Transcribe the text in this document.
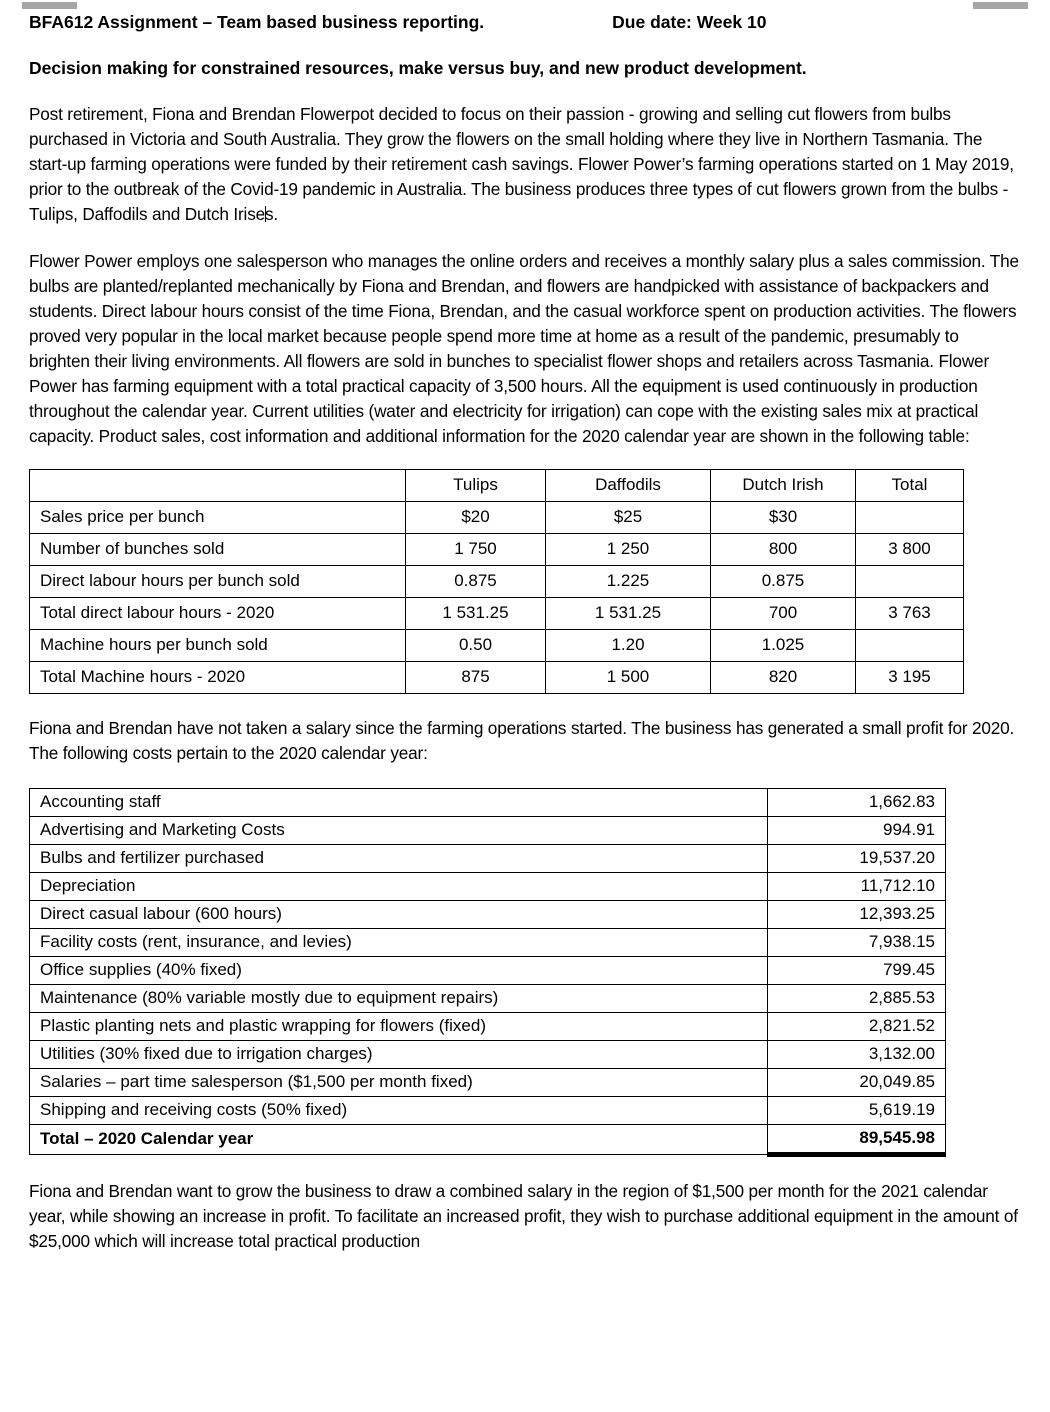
BFA612 Assignment – Team based business reporting.	Due date: Week 10
Decision making for constrained resources, make versus buy, and new product development.

Post retirement, Fiona and Brendan Flowerpot decided to focus on their passion - growing and selling cut flowers from bulbs purchased in Victoria and South Australia. They grow the flowers on the small holding where they live in Northern Tasmania. The start-up farming operations were funded by their retirement cash savings. Flower Power’s farming operations started on 1 May 2019, prior to the outbreak of the Covid-19 pandemic in Australia. The business produces three types of cut flowers grown from the bulbs - Tulips, Daffodils and Dutch Irises.

Flower Power employs one salesperson who manages the online orders and receives a monthly salary plus a sales commission. The bulbs are planted/replanted mechanically by Fiona and Brendan, and flowers are handpicked with assistance of backpackers and students. Direct labour hours consist of the time Fiona, Brendan, and the casual workforce spent on production activities. The flowers proved very popular in the local market because people spend more time at home as a result of the pandemic, presumably to brighten their living environments. All flowers are sold in bunches to specialist flower shops and retailers across Tasmania. Flower Power has farming equipment with a total practical capacity of 3,500 hours. All the equipment is used continuously in production throughout the calendar year. Current utilities (water and electricity for irrigation) can cope with the existing sales mix at practical capacity. Product sales, cost information and additional information for the 2020 calendar year are shown in the following table:

	Tulips	Daffodils	Dutch Irish	Total
Sales price per bunch	$20	$25	$30	
Number of bunches sold	1 750	1 250	800	3 800
Direct labour hours per bunch sold	0.875	1.225	0.875	
Total direct labour hours - 2020	1 531.25	1 531.25	700	3 763
Machine hours per bunch sold	0.50	1.20	1.025	
Total Machine hours - 2020	875	1 500	820	3 195

Fiona and Brendan have not taken a salary since the farming operations started. The business has generated a small profit for 2020. The following costs pertain to the 2020 calendar year:

Accounting staff	1,662.83
Advertising and Marketing Costs	994.91
Bulbs and fertilizer purchased	19,537.20
Depreciation	11,712.10
Direct casual labour (600 hours)	12,393.25
Facility costs (rent, insurance, and levies)	7,938.15
Office supplies (40% fixed)	799.45
Maintenance (80% variable mostly due to equipment repairs)	2,885.53
Plastic planting nets and plastic wrapping for flowers (fixed)	2,821.52
Utilities (30% fixed due to irrigation charges)	3,132.00
Salaries – part time salesperson ($1,500 per month fixed)	20,049.85
Shipping and receiving costs (50% fixed)	5,619.19
Total – 2020 Calendar year	89,545.98

Fiona and Brendan want to grow the business to draw a combined salary in the region of $1,500 per month for the 2021 calendar year, while showing an increase in profit. To facilitate an increased profit, they wish to purchase additional equipment in the amount of $25,000 which will increase total practical production
